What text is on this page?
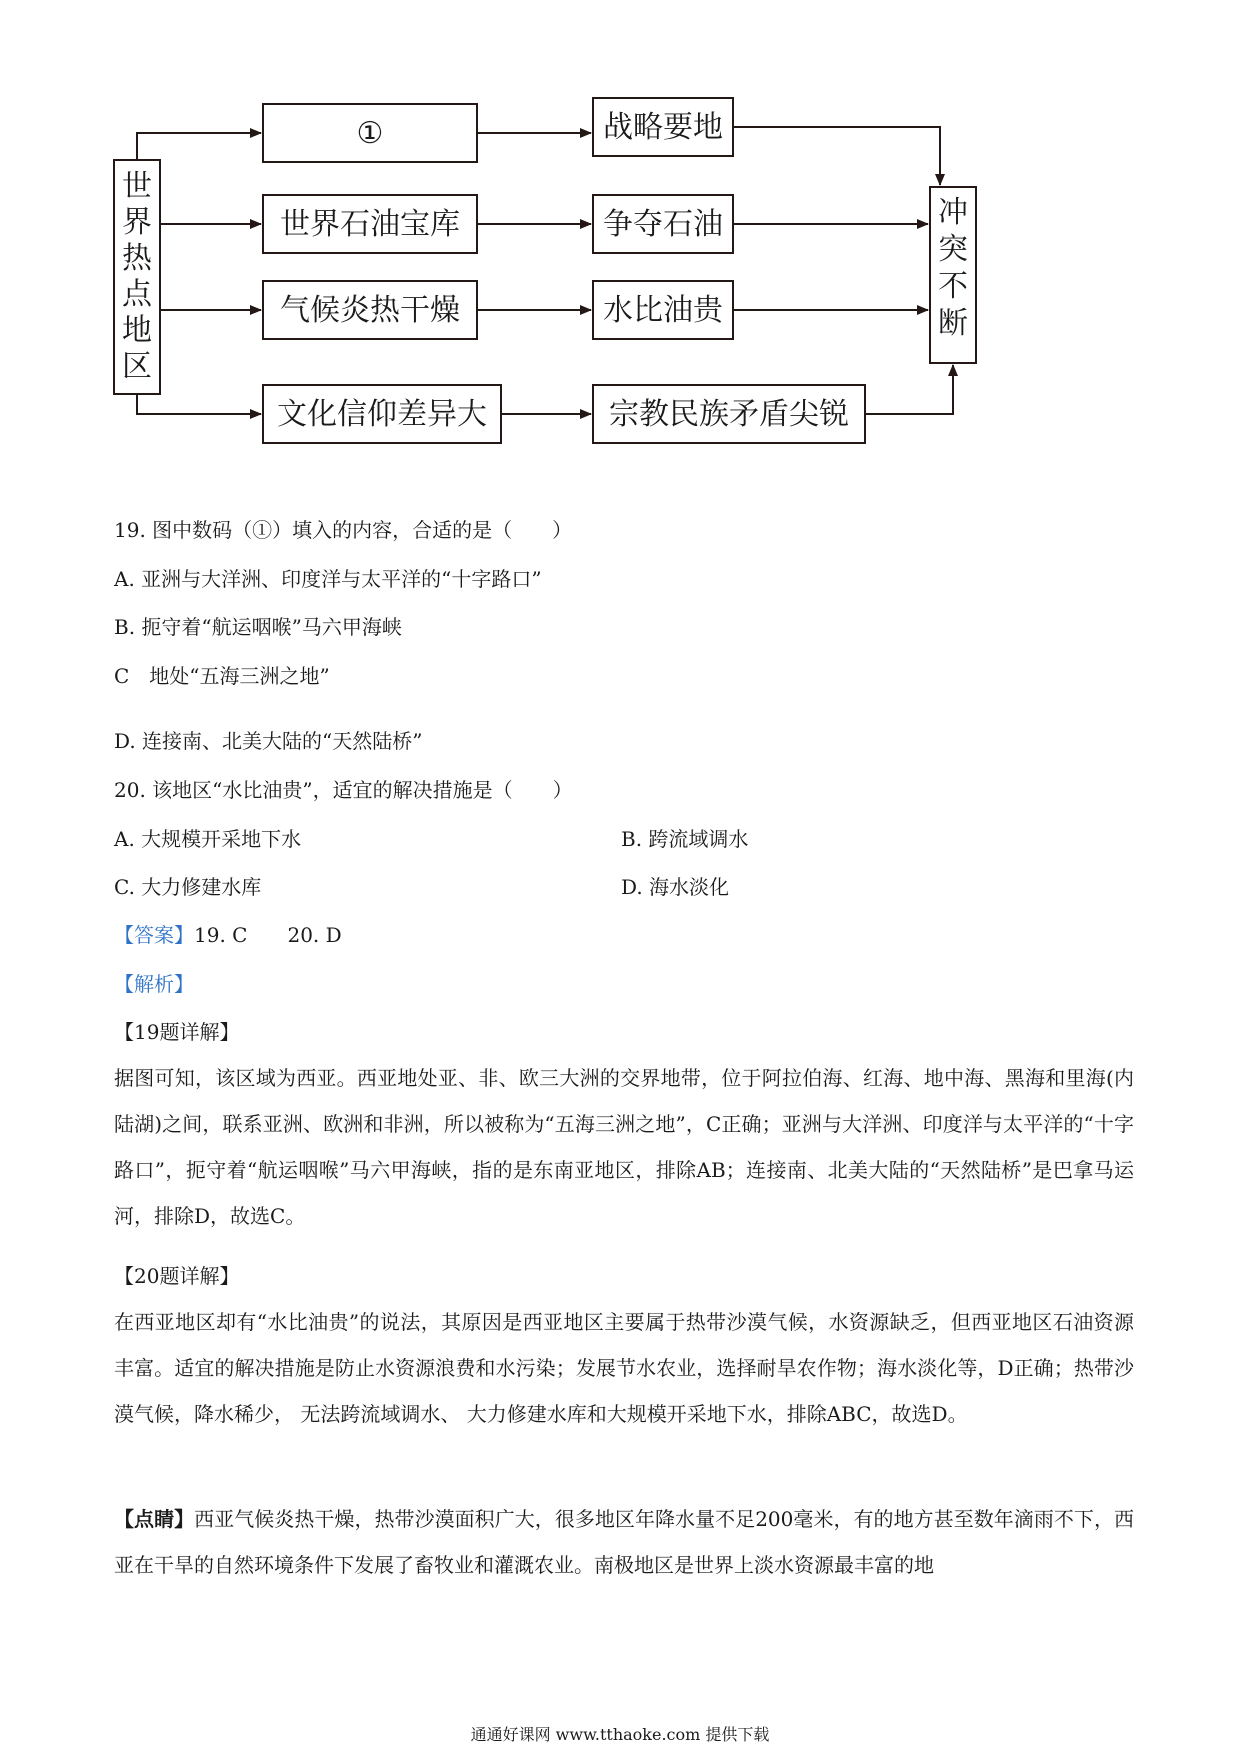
世
界
热
点
地
区
冲
突
不
断
①
世界石油宝库
气候炎热干燥
文化信仰差异大
战略要地
争夺石油
水比油贵
宗教民族矛盾尖锐
19. 图中数码（①）填入的内容，合适的是（　　）
A. 亚洲与大洋洲、印度洋与太平洋的“十字路口”
B. 扼守着“航运咽喉”马六甲海峡
C　地处“五海三洲之地”
D. 连接南、北美大陆的“天然陆桥”
20. 该地区“水比油贵”，适宜的解决措施是（　　）
A. 大规模开采地下水	B. 跨流域调水
C. 大力修建水库	D. 海水淡化
【答案】19. C　　20. D
【解析】
【19题详解】
据图可知，该区域为西亚。西亚地处亚、非、欧三大洲的交界地带，位于阿拉伯海、红海、地中海、黑海和里海(内陆湖)之间，联系亚洲、欧洲和非洲，所以被称为“五海三洲之地”，C正确；亚洲与大洋洲、印度洋与太平洋的“十字路口”，扼守着“航运咽喉”马六甲海峡，指的是东南亚地区，排除AB；连接南、北美大陆的“天然陆桥”是巴拿马运河，排除D，故选C。
【20题详解】
在西亚地区却有“水比油贵”的说法，其原因是西亚地区主要属于热带沙漠气候，水资源缺乏，但西亚地区石油资源丰富。适宜的解决措施是防止水资源浪费和水污染；发展节水农业，选择耐旱农作物；海水淡化等，D正确；热带沙漠气候，降水稀少， 无法跨流域调水、 大力修建水库和大规模开采地下水，排除ABC，故选D。
【点睛】西亚气候炎热干燥，热带沙漠面积广大，很多地区年降水量不足200毫米，有的地方甚至数年滴雨不下，西亚在干旱的自然环境条件下发展了畜牧业和灌溉农业。南极地区是世界上淡水资源最丰富的地
通通好课网 www.tthaoke.com 提供下载
